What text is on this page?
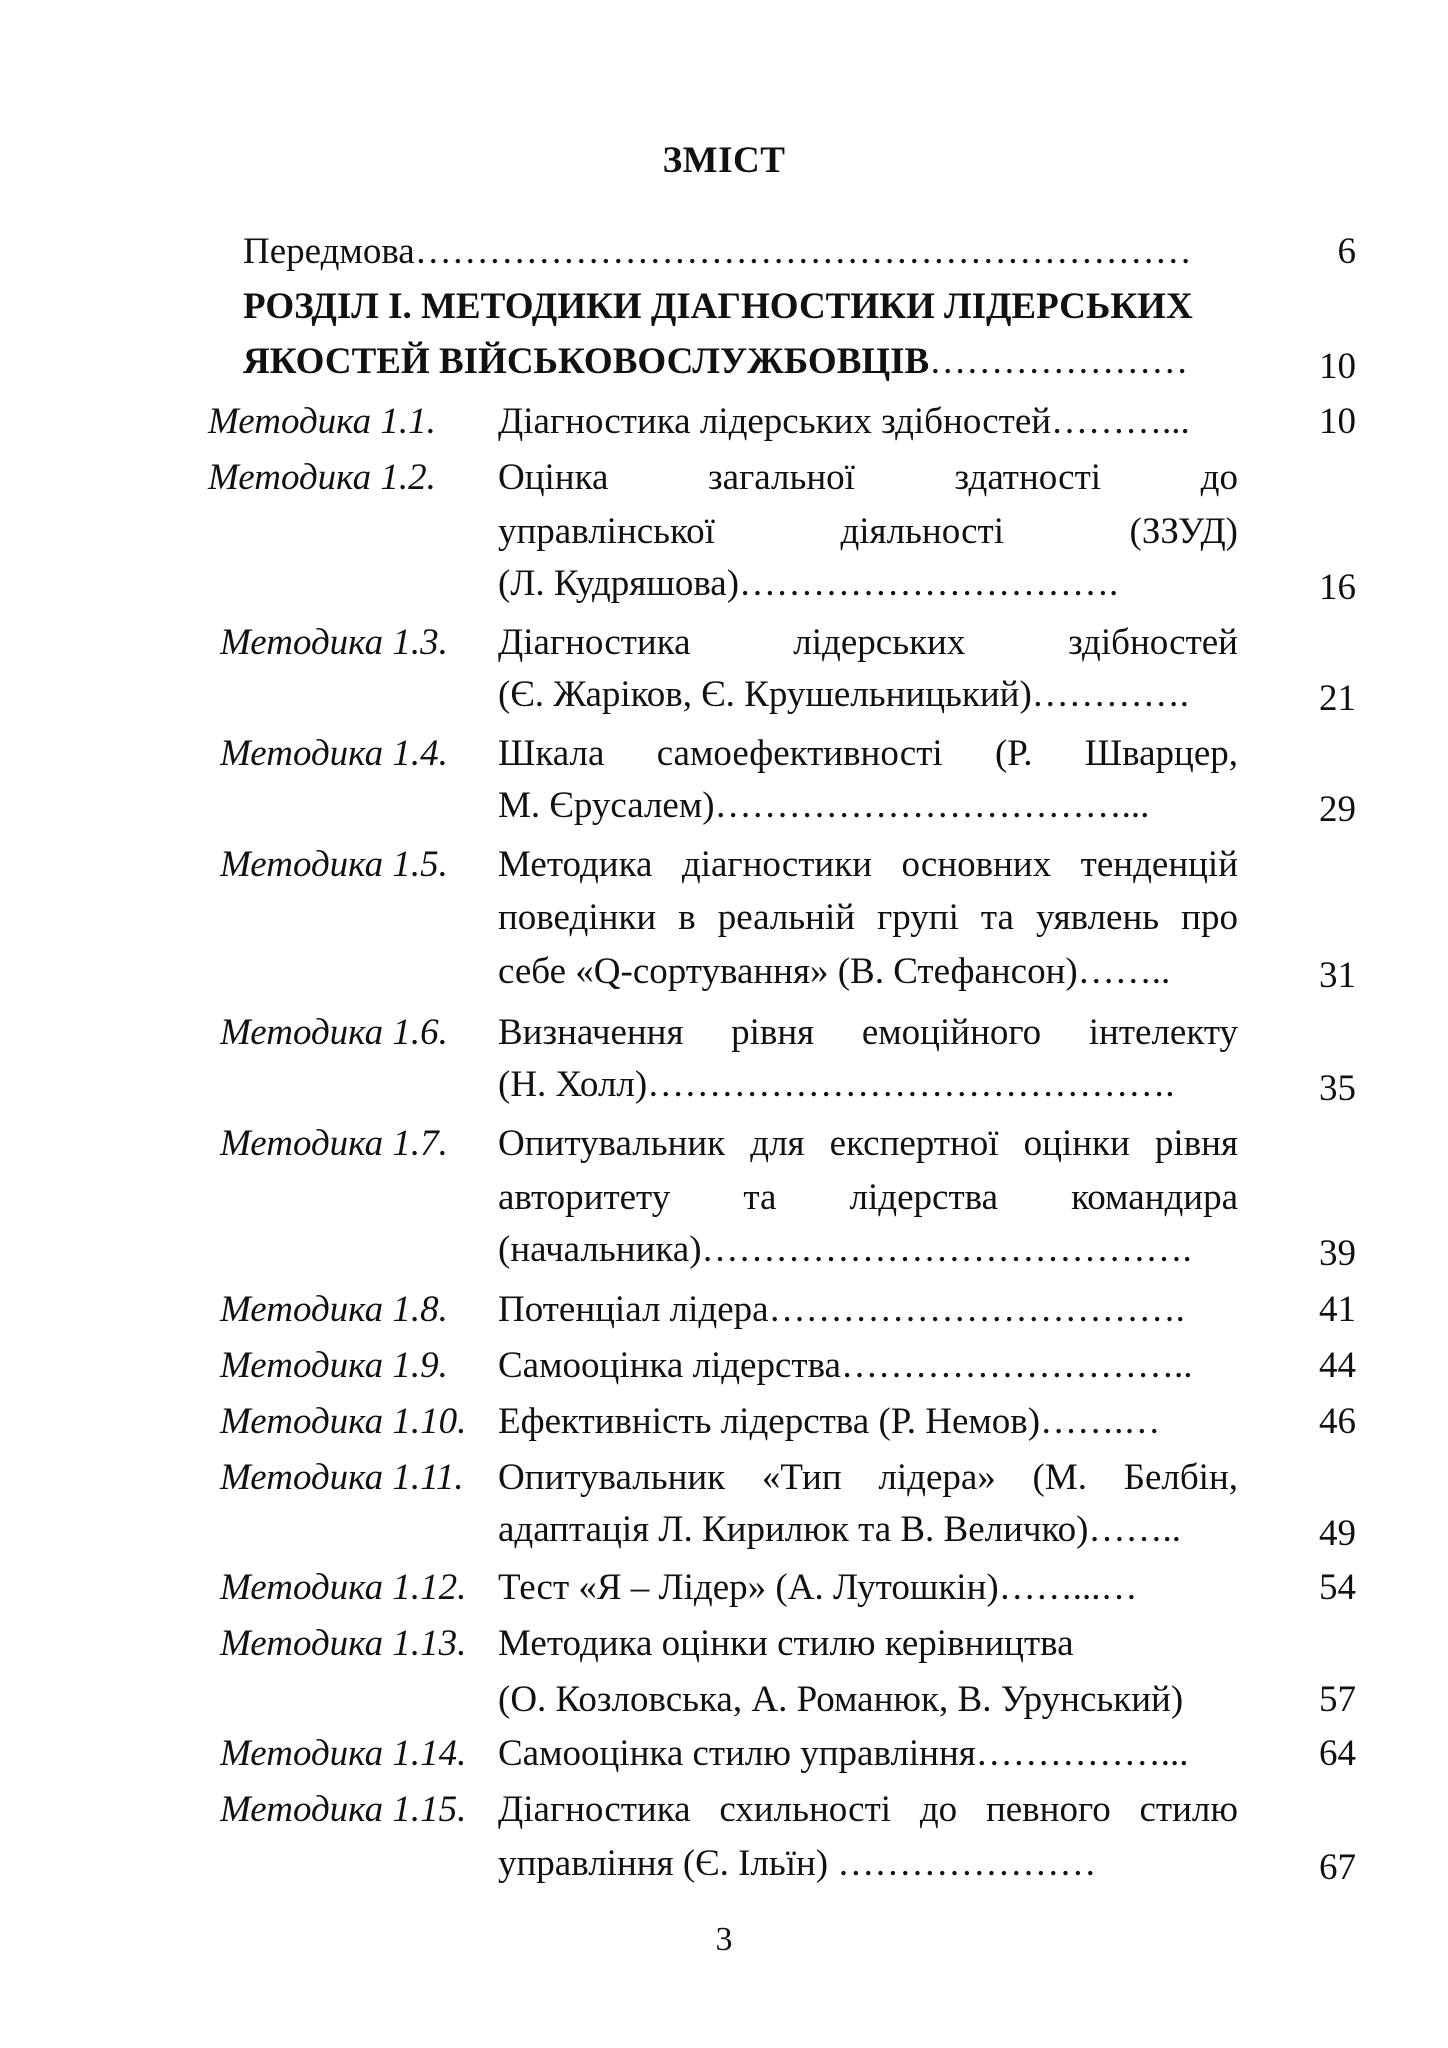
ЗМІСТ
Передмова………………………………………………………	6
РОЗДІЛ І. МЕТОДИКИ ДІАГНОСТИКИ ЛІДЕРСЬКИХ
ЯКОСТЕЙ ВІЙСЬКОВОСЛУЖБОВЦІВ…………………	10
Методика 1.1. Діагностика лідерських здібностей………...	10
Методика 1.2. Оцінка загальної здатності до
управлінської діяльності (ЗЗУД)
(Л. Кудряшова)………………………….	16
Методика 1.3. Діагностика лідерських здібностей
(Є. Жаріков, Є. Крушельницький)………….	21
Методика 1.4. Шкала самоефективності (Р. Шварцер,
М. Єрусалем)……………………………...	29
Методика 1.5. Методика діагностики основних тенденцій
поведінки в реальній групі та уявлень про
себе «Q-сортування» (В. Стефансон)……..	31
Методика 1.6. Визначення рівня емоційного інтелекту
(Н. Холл)…………………………………….	35
Методика 1.7. Опитувальник для експертної оцінки рівня
авторитету та лідерства командира
(начальника)………………………………….	39
Методика 1.8. Потенціал лідера…………………………….	41
Методика 1.9. Самооцінка лідерства………………………..	44
Методика 1.10. Ефективність лідерства (Р. Немов)…….…	46
Методика 1.11. Опитувальник «Тип лідера» (М. Белбін,
адаптація Л. Кирилюк та В. Величко)……..	49
Методика 1.12. Тест «Я – Лідер» (А. Лутошкін)……...…	54
Методика 1.13. Методика оцінки стилю керівництва
(О. Козловська, А. Романюк, В. Урунський)	57
Методика 1.14. Самооцінка стилю управління……………...	64
Методика 1.15. Діагностика схильності до певного стилю
управління (Є. Ільїн) …………………	67
3
